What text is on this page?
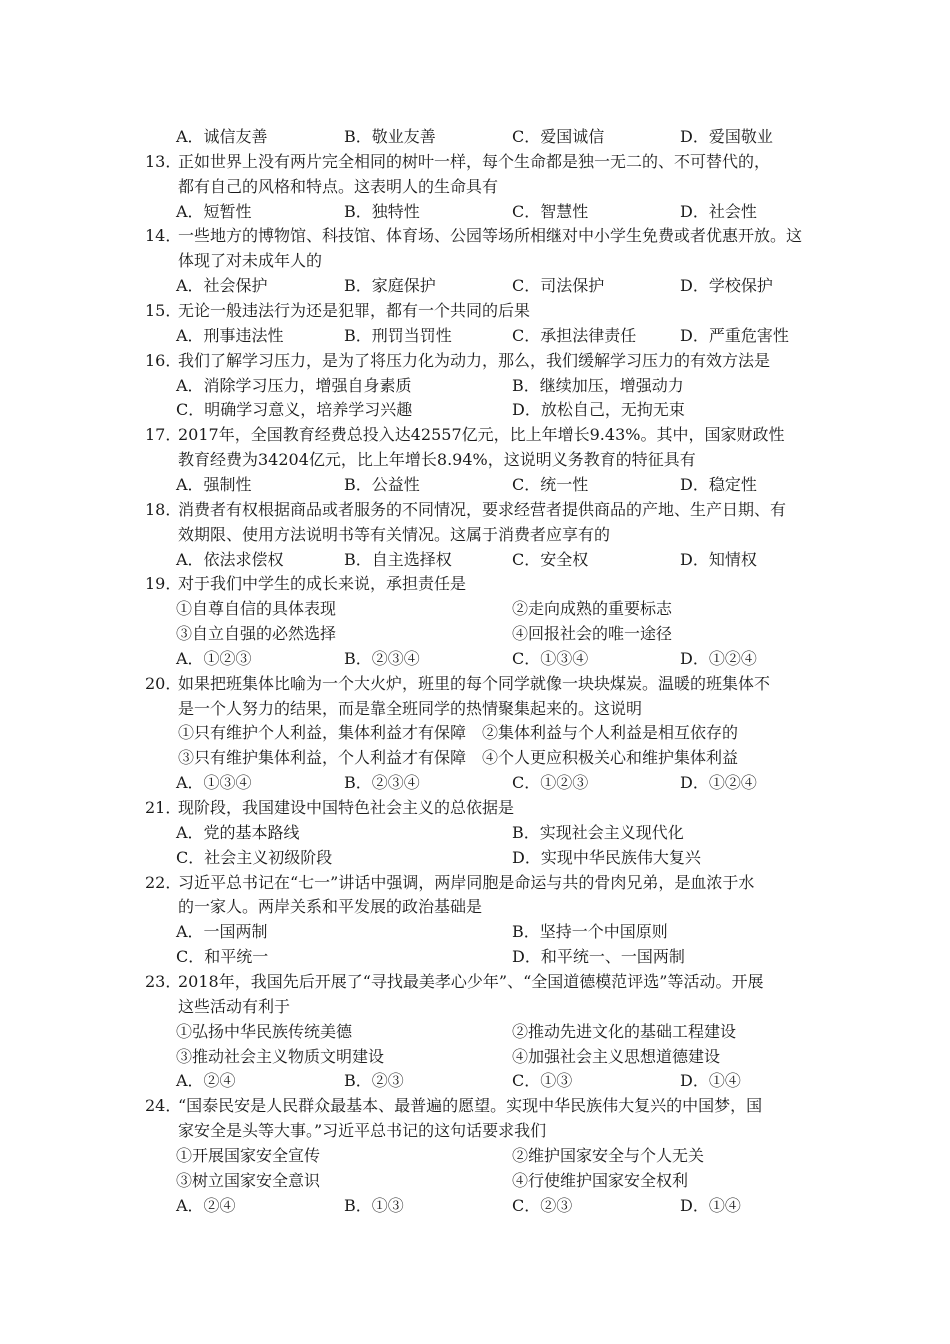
A．诚信友善	B．敬业友善	C．爱国诚信	D．爱国敬业
13．
正如世界上没有两片完全相同的树叶一样，每个生命都是独一无二的、不可替代的，
都有自己的风格和特点。这表明人的生命具有
A．短暂性	B．独特性	C．智慧性	D．社会性
14．
一些地方的博物馆、科技馆、体育场、公园等场所相继对中小学生免费或者优惠开放。这
体现了对未成年人的
A．社会保护	B．家庭保护	C．司法保护	D．学校保护
15．
无论一般违法行为还是犯罪，都有一个共同的后果
A．刑事违法性	B．刑罚当罚性	C．承担法律责任	D．严重危害性
16．
我们了解学习压力，是为了将压力化为动力，那么，我们缓解学习压力的有效方法是
A．消除学习压力，增强自身素质	B．继续加压，增强动力
C．明确学习意义，培养学习兴趣	D．放松自己，无拘无束
17．
2017年，全国教育经费总投入达42557亿元，比上年增长9.43%。其中，国家财政性
教育经费为34204亿元，比上年增长8.94%，这说明义务教育的特征具有
A．强制性	B．公益性	C．统一性	D．稳定性
18．
消费者有权根据商品或者服务的不同情况，要求经营者提供商品的产地、生产日期、有
效期限、使用方法说明书等有关情况。这属于消费者应享有的
A．依法求偿权	B．自主选择权	C．安全权	D．知情权
19．
对于我们中学生的成长来说，承担责任是
①自尊自信的具体表现	②走向成熟的重要标志
③自立自强的必然选择	④回报社会的唯一途径
A．①②③	B．②③④	C．①③④	D．①②④
20．
如果把班集体比喻为一个大火炉，班里的每个同学就像一块块煤炭。温暖的班集体不
是一个人努力的结果，而是靠全班同学的热情聚集起来的。这说明
①只有维护个人利益，集体利益才有保障　②集体利益与个人利益是相互依存的
③只有维护集体利益，个人利益才有保障　④个人更应积极关心和维护集体利益
A．①③④	B．②③④	C．①②③	D．①②④
21．
现阶段，我国建设中国特色社会主义的总依据是
A．党的基本路线	B．实现社会主义现代化
C．社会主义初级阶段	D．实现中华民族伟大复兴
22．
习近平总书记在“七一”讲话中强调，两岸同胞是命运与共的骨肉兄弟，是血浓于水
的一家人。两岸关系和平发展的政治基础是
A．一国两制	B．坚持一个中国原则
C．和平统一	D．和平统一、一国两制
23．
2018年，我国先后开展了“寻找最美孝心少年”、“全国道德模范评选”等活动。开展
这些活动有利于
①弘扬中华民族传统美德	②推动先进文化的基础工程建设
③推动社会主义物质文明建设	④加强社会主义思想道德建设
A．②④	B．②③	C．①③	D．①④
24．
“国泰民安是人民群众最基本、最普遍的愿望。实现中华民族伟大复兴的中国梦，国
家安全是头等大事。”习近平总书记的这句话要求我们
①开展国家安全宣传	②维护国家安全与个人无关
③树立国家安全意识	④行使维护国家安全权利
A．②④	B．①③	C．②③	D．①④
